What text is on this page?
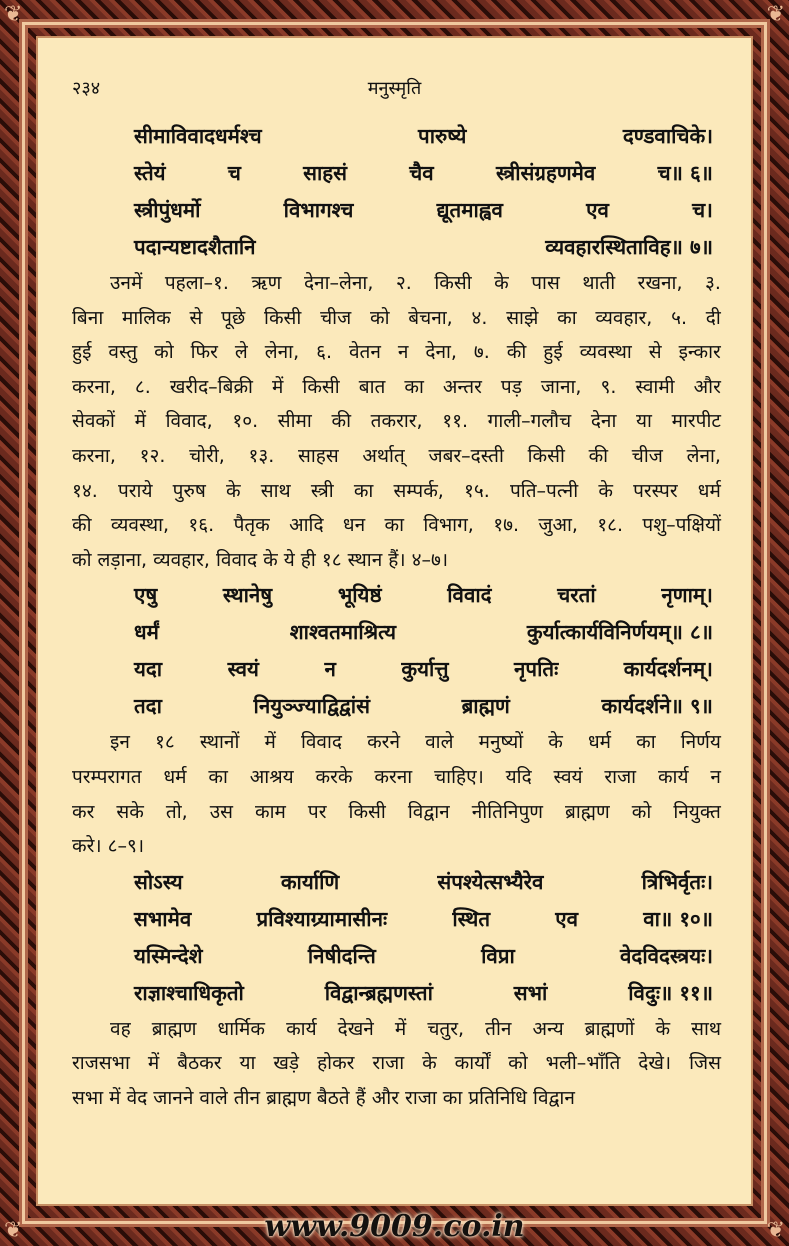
❦	❦
❦	❦
२३४	मनुस्मृति
सीमाविवादधर्मश्च	पारुष्ये	दण्डवाचिके।
स्तेयं	च	साहसं	चैव	स्त्रीसंग्रहणमेव	च॥ ६॥
स्त्रीपुंधर्मो	विभागश्च	द्यूतमाह्वव	एव	च।
पदान्यष्टादशैतानि	व्यवहारस्थिताविह॥ ७॥
उनमें पहला–१. ऋण देना–लेना, २. किसी के पास थाती रखना, ३.
बिना मालिक से पूछे किसी चीज को बेचना, ४. साझे का व्यवहार, ५. दी
हुई वस्तु को फिर ले लेना, ६. वेतन न देना, ७. की हुई व्यवस्था से इन्कार
करना, ८. खरीद–बिक्री में किसी बात का अन्तर पड़ जाना, ९. स्वामी और
सेवकों में विवाद, १०. सीमा की तकरार, ११. गाली–गलौच देना या मारपीट
करना, १२. चोरी, १३. साहस अर्थात् जबर–दस्ती किसी की चीज लेना,
१४. पराये पुरुष के साथ स्त्री का सम्पर्क, १५. पति–पत्नी के परस्पर धर्म
की व्यवस्था, १६. पैतृक आदि धन का विभाग, १७. जुआ, १८. पशु–पक्षियों
को लड़ाना, व्यवहार, विवाद के ये ही १८ स्थान हैं। ४–७।
एषु	स्थानेषु	भूयिष्ठं	विवादं	चरतां	नृणाम्।
धर्मं	शाश्वतमाश्रित्य	कुर्यात्कार्यविनिर्णयम्॥ ८॥
यदा	स्वयं	न	कुर्यात्तु	नृपतिः	कार्यदर्शनम्।
तदा	नियुञ्ज्याद्विद्वांसं	ब्राह्मणं	कार्यदर्शने॥ ९॥
इन १८ स्थानों में विवाद करने वाले मनुष्यों के धर्म का निर्णय
परम्परागत धर्म का आश्रय करके करना चाहिए। यदि स्वयं राजा कार्य न
कर सके तो, उस काम पर किसी विद्वान नीतिनिपुण ब्राह्मण को नियुक्त
करे। ८–९।
सोऽस्य	कार्याणि	संपश्येत्सभ्यैरेव	त्रिभिर्वृतः।
सभामेव	प्रविश्याग्र्यामासीनः	स्थित	एव	वा॥ १०॥
यस्मिन्देशे	निषीदन्ति	विप्रा	वेदविदस्त्रयः।
राज्ञाश्चाधिकृतो	विद्वान्ब्रह्मणस्तां	सभां	विदुः॥ ११॥
वह ब्राह्मण धार्मिक कार्य देखने में चतुर, तीन अन्य ब्राह्मणों के साथ
राजसभा में बैठकर या खड़े होकर राजा के कार्यों को भली–भाँति देखे। जिस
सभा में वेद जानने वाले तीन ब्राह्मण बैठते हैं और राजा का प्रतिनिधि विद्वान
www.9009.co.in
